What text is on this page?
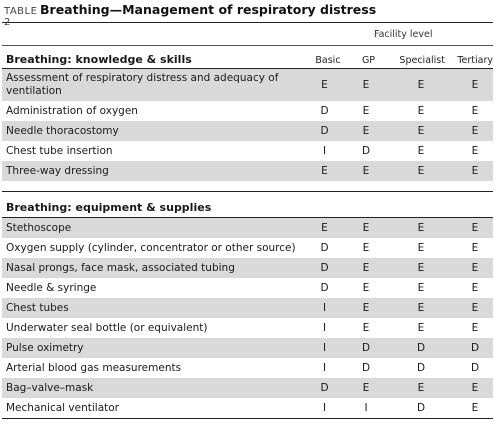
TABLE 2
Breathing—Management of respiratory distress
Facility level
Breathing: knowledge & skills	Basic	GP	Specialist	Tertiary
Assessment of respiratory distress and adequacy of ventilation	E	E	E	E
Administration of oxygen	D	E	E	E
Needle thoracostomy	D	E	E	E
Chest tube insertion	I	D	E	E
Three-way dressing	E	E	E	E
Breathing: equipment & supplies
Stethoscope	E	E	E	E
Oxygen supply (cylinder, concentrator or other source)	D	E	E	E
Nasal prongs, face mask, associated tubing	D	E	E	E
Needle & syringe	D	E	E	E
Chest tubes	I	E	E	E
Underwater seal bottle (or equivalent)	I	E	E	E
Pulse oximetry	I	D	D	D
Arterial blood gas measurements	I	D	D	D
Bag–valve–mask	D	E	E	E
Mechanical ventilator	I	I	D	E
